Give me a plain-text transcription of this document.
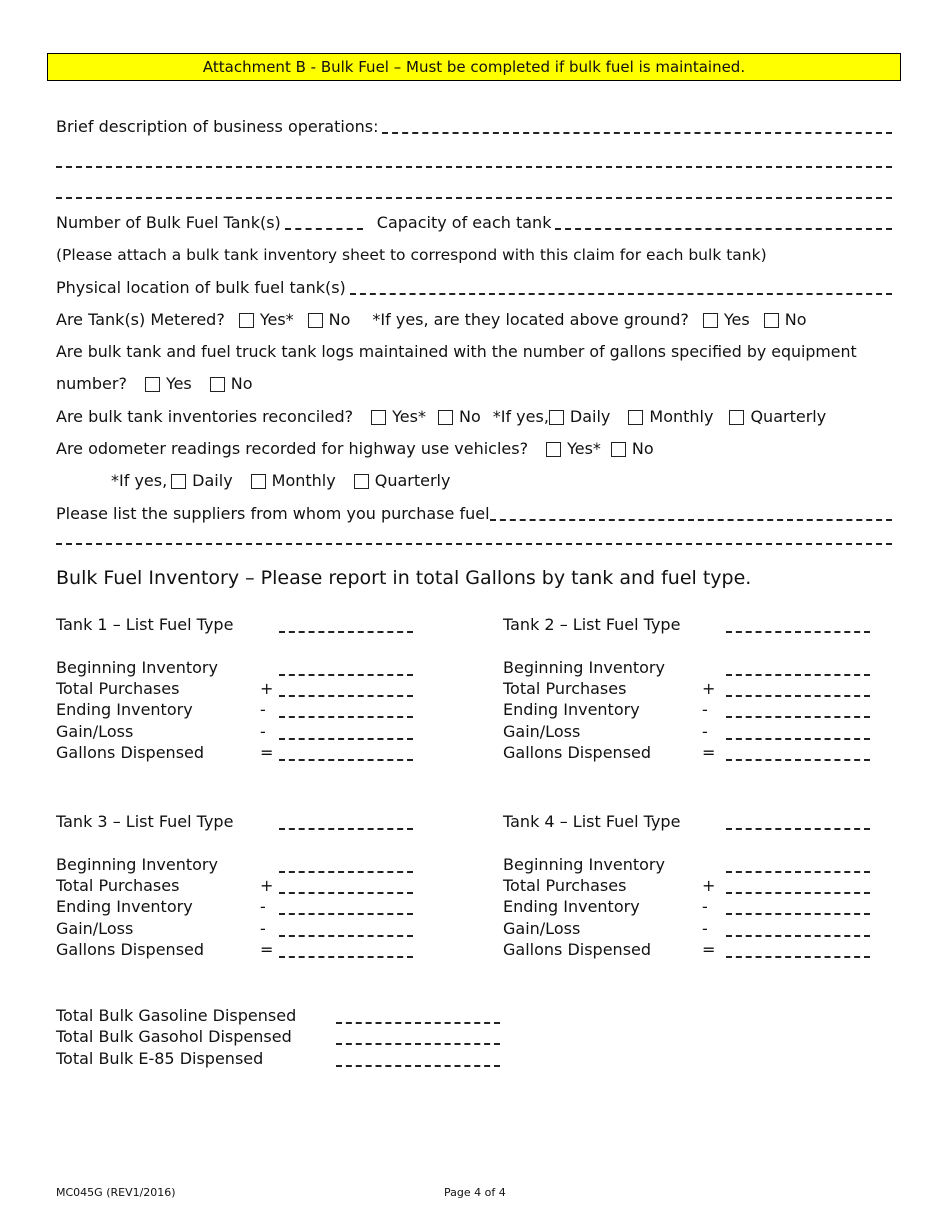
Attachment B - Bulk Fuel – Must be completed if bulk fuel is maintained.
Brief description of business operations:
Number of Bulk Fuel Tank(s)	Capacity of each tank
(Please attach a bulk tank inventory sheet to correspond with this claim for each bulk tank)
Physical location of bulk fuel tank(s)
Are Tank(s) Metered? Yes* No *If yes, are they located above ground? Yes No
Are bulk tank and fuel truck tank logs maintained with the number of gallons specified by equipment
number? Yes No
Are bulk tank inventories reconciled? Yes* No *If yes, Daily Monthly Quarterly
Are odometer readings recorded for highway use vehicles? Yes* No
*If yes, Daily Monthly Quarterly
Please list the suppliers from whom you purchase fuel
Bulk Fuel Inventory – Please report in total Gallons by tank and fuel type.
Tank 1 – List Fuel Type
Beginning Inventory
Total Purchases	+
Ending Inventory	-
Gain/Loss	-
Gallons Dispensed	=
Tank 2 – List Fuel Type
Beginning Inventory
Total Purchases	+
Ending Inventory	-
Gain/Loss	-
Gallons Dispensed	=
Tank 3 – List Fuel Type
Beginning Inventory
Total Purchases	+
Ending Inventory	-
Gain/Loss	-
Gallons Dispensed	=
Tank 4 – List Fuel Type
Beginning Inventory
Total Purchases	+
Ending Inventory	-
Gain/Loss	-
Gallons Dispensed	=
Total Bulk Gasoline Dispensed
Total Bulk Gasohol Dispensed
Total Bulk E-85 Dispensed
MC045G (REV1/2016)	Page 4 of 4
